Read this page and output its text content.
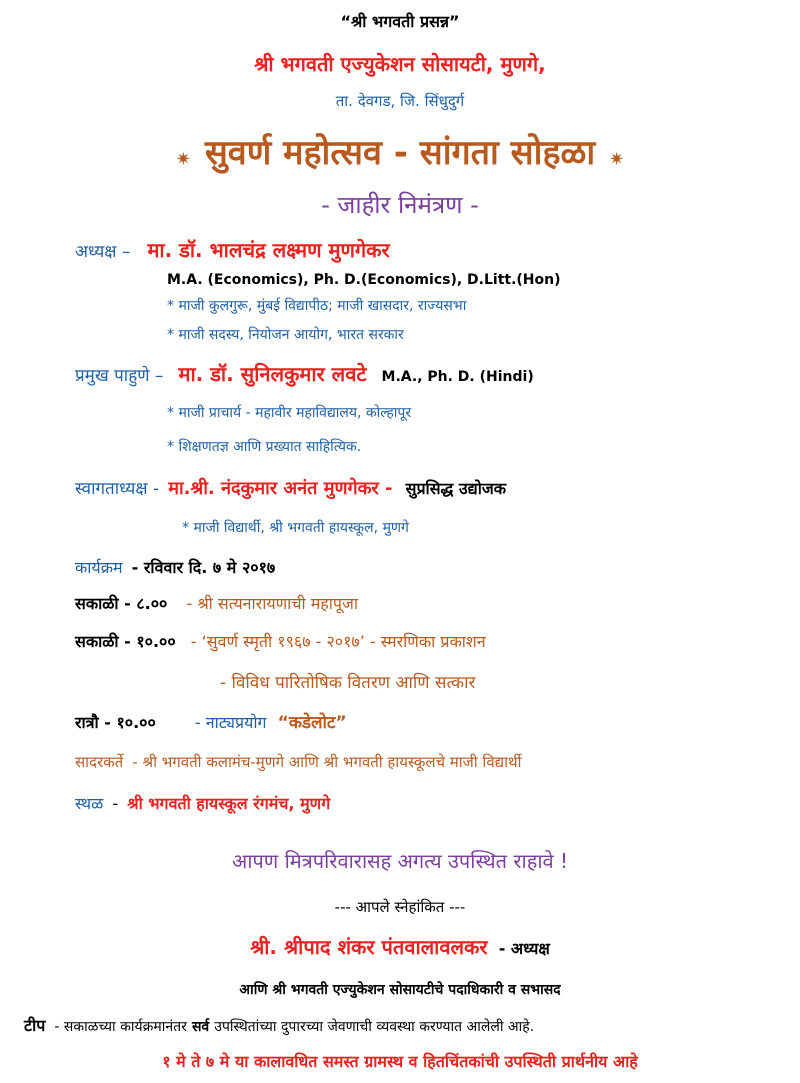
“श्री भगवती प्रसन्न”
श्री भगवती एज्युकेशन सोसायटी, मुणगे,
ता. देवगड, जि. सिंधुदुर्ग
✷ सुवर्ण महोत्सव - सांगता सोहळा ✷
- जाहीर निमंत्रण -
अध्यक्ष – मा. डॉ. भालचंद्र लक्ष्मण मुणगेकर
M.A. (Economics), Ph. D.(Economics), D.Litt.(Hon)
* माजी कुलगुरू, मुंबई विद्यापीठ; माजी खासदार, राज्यसभा
* माजी सदस्य, नियोजन आयोग, भारत सरकार
प्रमुख पाहुणे – मा. डॉ. सुनिलकुमार लवटे M.A., Ph. D. (Hindi)
* माजी प्राचार्य - महावीर महाविद्यालय, कोल्हापूर
* शिक्षणतज्ञ आणि प्रख्यात साहित्यिक.
स्वागताध्यक्ष - मा.श्री. नंदकुमार अनंत मुणगेकर - सुप्रसिद्ध उद्योजक
* माजी विद्यार्थी, श्री भगवती हायस्कूल, मुणगे
कार्यक्रम - रविवार दि. ७ मे २०१७
सकाळी - ८.०० - श्री सत्यनारायणाची महापूजा
सकाळी - १०.०० - ‘सुवर्ण स्मृती १९६७ - २०१७’ - स्मरणिका प्रकाशन
- विविध पारितोषिक वितरण आणि सत्कार
रात्रौ - १०.०० - नाट्यप्रयोग “कडेलोट”
सादरकर्ते - श्री भगवती कलामंच-मुणगे आणि श्री भगवती हायस्कूलचे माजी विद्यार्थी
स्थळ - श्री भगवती हायस्कूल रंगमंच, मुणगे
आपण मित्रपरिवारासह अगत्य उपस्थित राहावे !
--- आपले स्नेहांकित ---
श्री. श्रीपाद शंकर पंतवालावलकर - अध्यक्ष
आणि श्री भगवती एज्युकेशन सोसायटीचे पदाधिकारी व सभासद
टीप - सकाळच्या कार्यक्रमानंतर सर्व उपस्थितांच्या दुपारच्या जेवणाची व्यवस्था करण्यात आलेली आहे.
१ मे ते ७ मे या कालावधित समस्त ग्रामस्थ व हितचिंतकांची उपस्थिती प्रार्थनीय आहे
